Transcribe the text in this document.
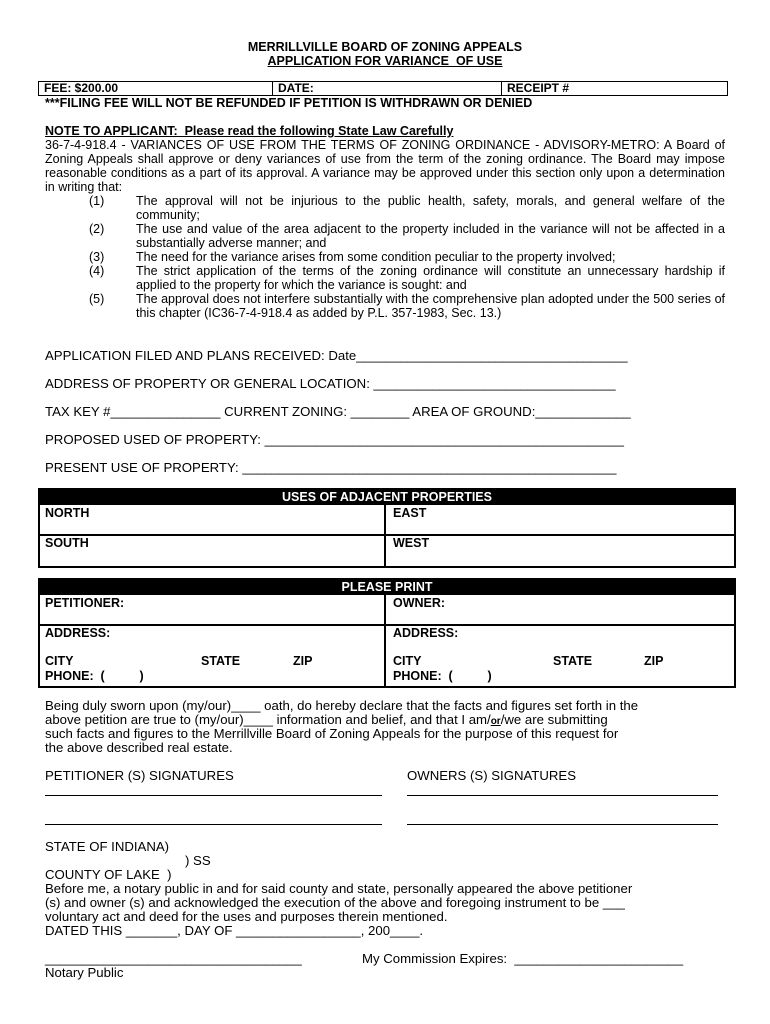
MERRILLVILLE BOARD OF ZONING APPEALS
APPLICATION FOR VARIANCE  OF USE
FEE: $200.00	DATE:	RECEIPT #
***FILING FEE WILL NOT BE REFUNDED IF PETITION IS WITHDRAWN OR DENIED
NOTE TO APPLICANT:  Please read the following State Law Carefully
36-7-4-918.4 - VARIANCES OF USE FROM THE TERMS OF ZONING ORDINANCE - ADVISORY-METRO: A Board of Zoning Appeals shall approve or deny variances of use from the term of the zoning ordinance. The Board may impose reasonable conditions as a part of its approval. A variance may be approved under this section only upon a determination in writing that:
(1)	The approval will not be injurious to the public health, safety, morals, and general welfare of the community;
(2)	The use and value of the area adjacent to the property included in the variance will not be affected in a substantially adverse manner; and
(3)	The need for the variance arises from some condition peculiar to the property involved;
(4)	The strict application of the terms of the zoning ordinance will constitute an unnecessary hardship if applied to the property for which the variance is sought: and
(5)	The approval does not interfere substantially with the comprehensive plan adopted under the 500 series of this chapter (IC36-7-4-918.4 as added by P.L. 357-1983, Sec. 13.)
APPLICATION FILED AND PLANS RECEIVED: Date_____________________________________
ADDRESS OF PROPERTY OR GENERAL LOCATION: _________________________________
TAX KEY #_______________ CURRENT ZONING: ________ AREA OF GROUND:_____________
PROPOSED USED OF PROPERTY: _________________________________________________
PRESENT USE OF PROPERTY: ___________________________________________________
USES OF ADJACENT PROPERTIES
NORTH	EAST
SOUTH	WEST
PLEASE PRINT
PETITIONER:	OWNER:
ADDRESS:	ADDRESS:
CITY	STATE	ZIP	CITY	STATE	ZIP
PHONE:  (          )	PHONE:  (          )
Being duly sworn upon (my/our)____ oath, do hereby declare that the facts and figures set forth in the
above petition are true to (my/our)____ information and belief, and that I am/or/we are submitting
such facts and figures to the Merrillville Board of Zoning Appeals for the purpose of this request for
the above described real estate.
PETITIONER (S) SIGNATURES	OWNERS (S) SIGNATURES
STATE OF INDIANA)
) SS
COUNTY OF LAKE  )
Before me, a notary public in and for said county and state, personally appeared the above petitioner
(s) and owner (s) and acknowledged the execution of the above and foregoing instrument to be ___
voluntary act and deed for the uses and purposes therein mentioned.
DATED THIS _______, DAY OF _________________, 200____.
___________________________________	My Commission Expires:  _______________________
Notary Public
